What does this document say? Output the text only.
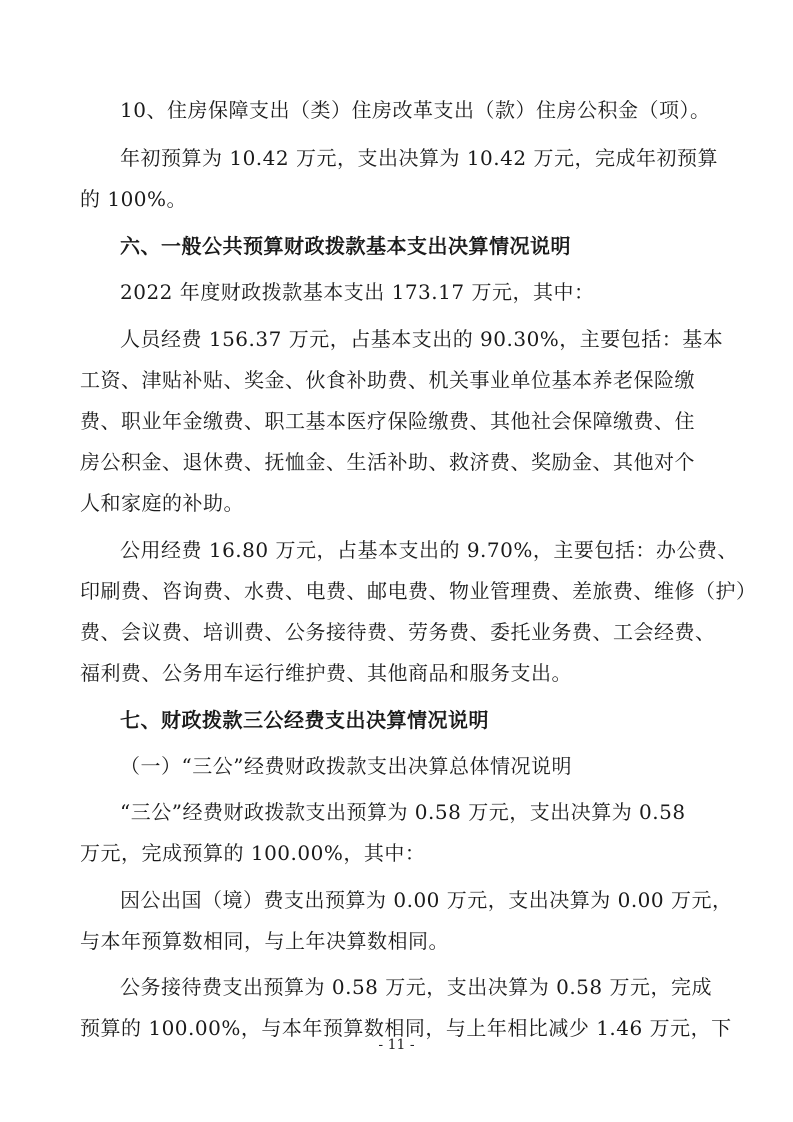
10、住房保障支出（类）住房改革支出（款）住房公积金（项）。
年初预算为 10.42 万元，支出决算为 10.42 万元，完成年初预算
的 100%。
六、一般公共预算财政拨款基本支出决算情况说明
2022 年度财政拨款基本支出 173.17 万元，其中：
人员经费 156.37 万元，占基本支出的 90.30%，主要包括：基本
工资、津贴补贴、奖金、伙食补助费、机关事业单位基本养老保险缴
费、职业年金缴费、职工基本医疗保险缴费、其他社会保障缴费、住
房公积金、退休费、抚恤金、生活补助、救济费、奖励金、其他对个
人和家庭的补助。
公用经费 16.80 万元，占基本支出的 9.70%，主要包括：办公费、
印刷费、咨询费、水费、电费、邮电费、物业管理费、差旅费、维修（护）
费、会议费、培训费、公务接待费、劳务费、委托业务费、工会经费、
福利费、公务用车运行维护费、其他商品和服务支出。
七、财政拨款三公经费支出决算情况说明
（一）“三公”经费财政拨款支出决算总体情况说明
“三公”经费财政拨款支出预算为 0.58 万元，支出决算为 0.58
万元，完成预算的 100.00%，其中：
因公出国（境）费支出预算为 0.00 万元，支出决算为 0.00 万元，
与本年预算数相同，与上年决算数相同。
公务接待费支出预算为 0.58 万元，支出决算为 0.58 万元，完成
预算的 100.00%，与本年预算数相同，与上年相比减少 1.46 万元，下
- 11 -
